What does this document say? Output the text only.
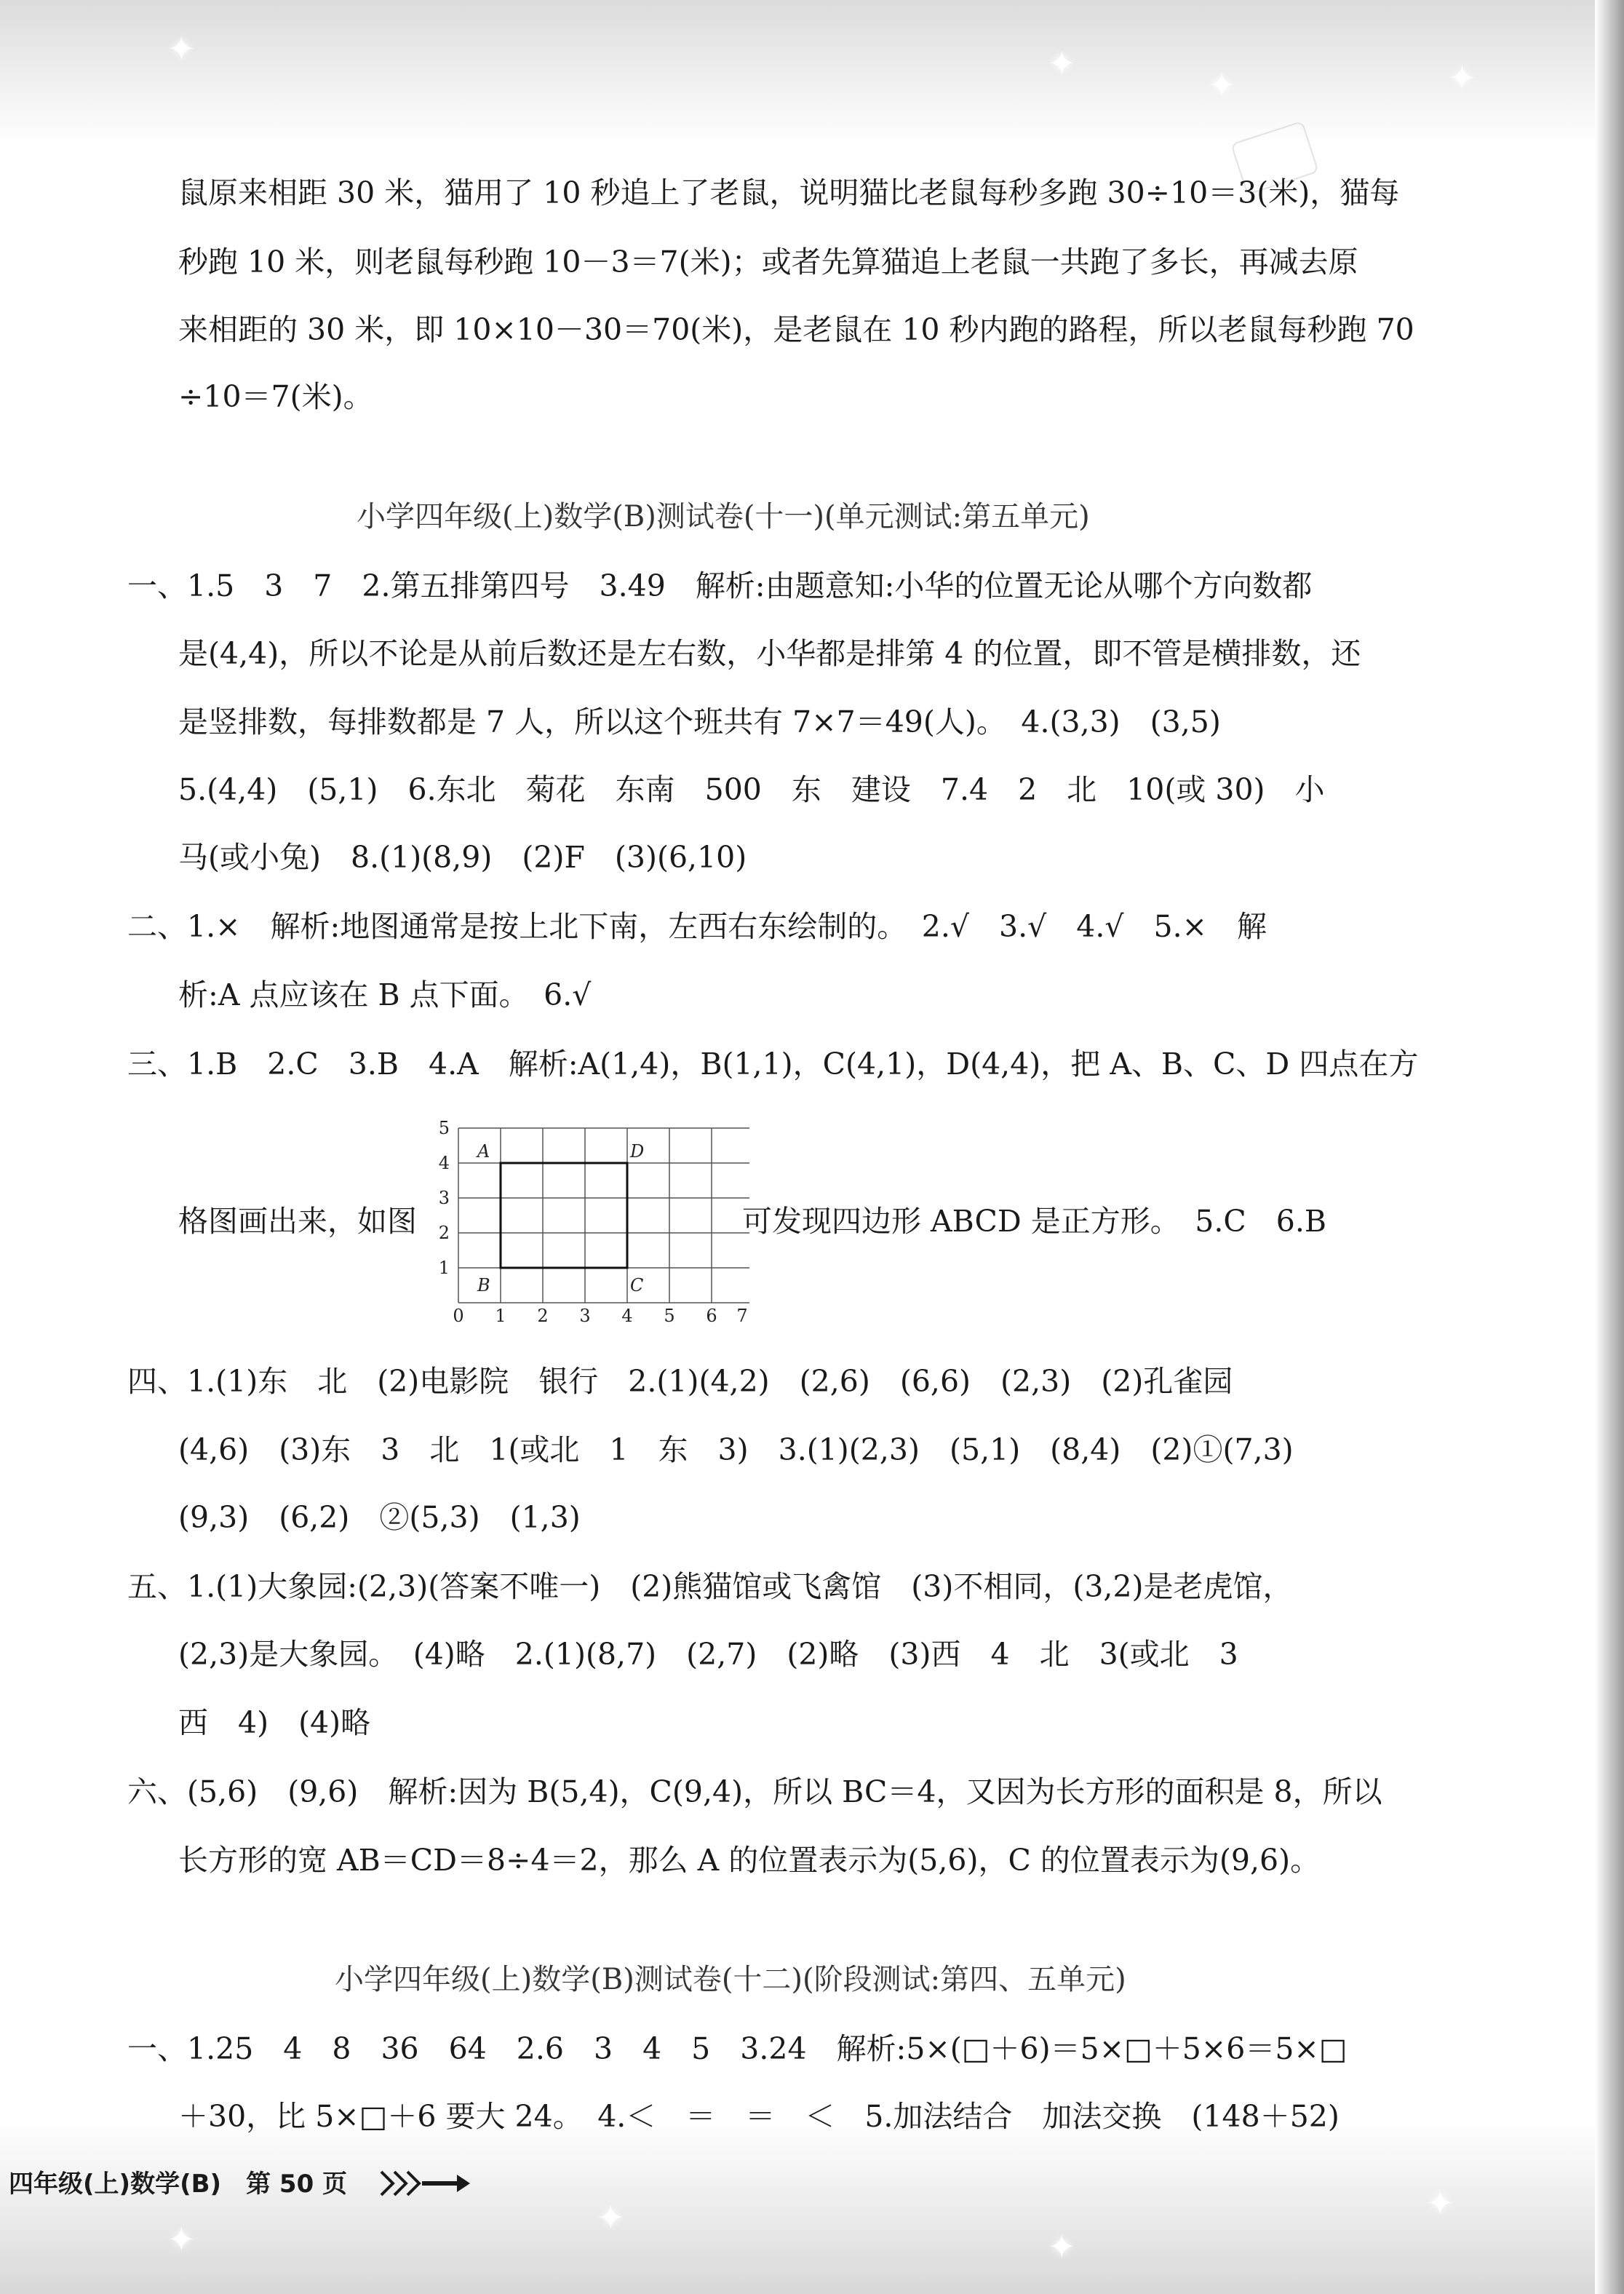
✦	✦
✦	✦
✦
✦
✦
✦
鼠原来相距 30 米，猫用了 10 秒追上了老鼠，说明猫比老鼠每秒多跑 30÷10＝3(米)，猫每
秒跑 10 米，则老鼠每秒跑 10－3＝7(米)；或者先算猫追上老鼠一共跑了多长，再减去原
来相距的 30 米，即 10×10－30＝70(米)，是老鼠在 10 秒内跑的路程，所以老鼠每秒跑 70
÷10＝7(米)。
小学四年级(上)数学(B)测试卷(十一)(单元测试:第五单元)
一、1.5　3　7　2.第五排第四号　3.49　解析:由题意知:小华的位置无论从哪个方向数都
是(4,4)，所以不论是从前后数还是左右数，小华都是排第 4 的位置，即不管是横排数，还
是竖排数，每排数都是 7 人，所以这个班共有 7×7＝49(人)。　4.(3,3)　(3,5)
5.(4,4)　(5,1)　6.东北　菊花　东南　500　东　建设　7.4　2　北　10(或 30)　小
马(或小兔)　8.(1)(8,9)　(2)F　(3)(6,10)
二、1.×　解析:地图通常是按上北下南，左西右东绘制的。　2.√　3.√　4.√　5.×　解
析:A 点应该在 B 点下面。　6.√
三、1.B　2.C　3.B　4.A　解析:A(1,4)，B(1,1)，C(4,1)，D(4,4)，把 A、B、C、D 四点在方
格图画出来，如图
0 1 2 3 4 5 6 7
1
2
3
4
5
A	D
B	C
可发现四边形 ABCD 是正方形。　5.C　6.B
四、1.(1)东　北　(2)电影院　银行　2.(1)(4,2)　(2,6)　(6,6)　(2,3)　(2)孔雀园
(4,6)　(3)东　3　北　1(或北　1　东　3)　3.(1)(2,3)　(5,1)　(8,4)　(2)①(7,3)
(9,3)　(6,2)　②(5,3)　(1,3)
五、1.(1)大象园:(2,3)(答案不唯一)　(2)熊猫馆或飞禽馆　(3)不相同，(3,2)是老虎馆，
(2,3)是大象园。　(4)略　2.(1)(8,7)　(2,7)　(2)略　(3)西　4　北　3(或北　3
西　4)　(4)略
六、(5,6)　(9,6)　解析:因为 B(5,4)，C(9,4)，所以 BC＝4，又因为长方形的面积是 8，所以
长方形的宽 AB＝CD＝8÷4＝2，那么 A 的位置表示为(5,6)，C 的位置表示为(9,6)。
小学四年级(上)数学(B)测试卷(十二)(阶段测试:第四、五单元)
一、1.25　4　8　36　64　2.6　3　4　5　3.24　解析:5×(□＋6)＝5×□＋5×6＝5×□
＋30，比 5×□＋6 要大 24。　4.＜　＝　＝　＜　5.加法结合　加法交换　(148＋52)
四年级(上)数学(B)　第 50 页
